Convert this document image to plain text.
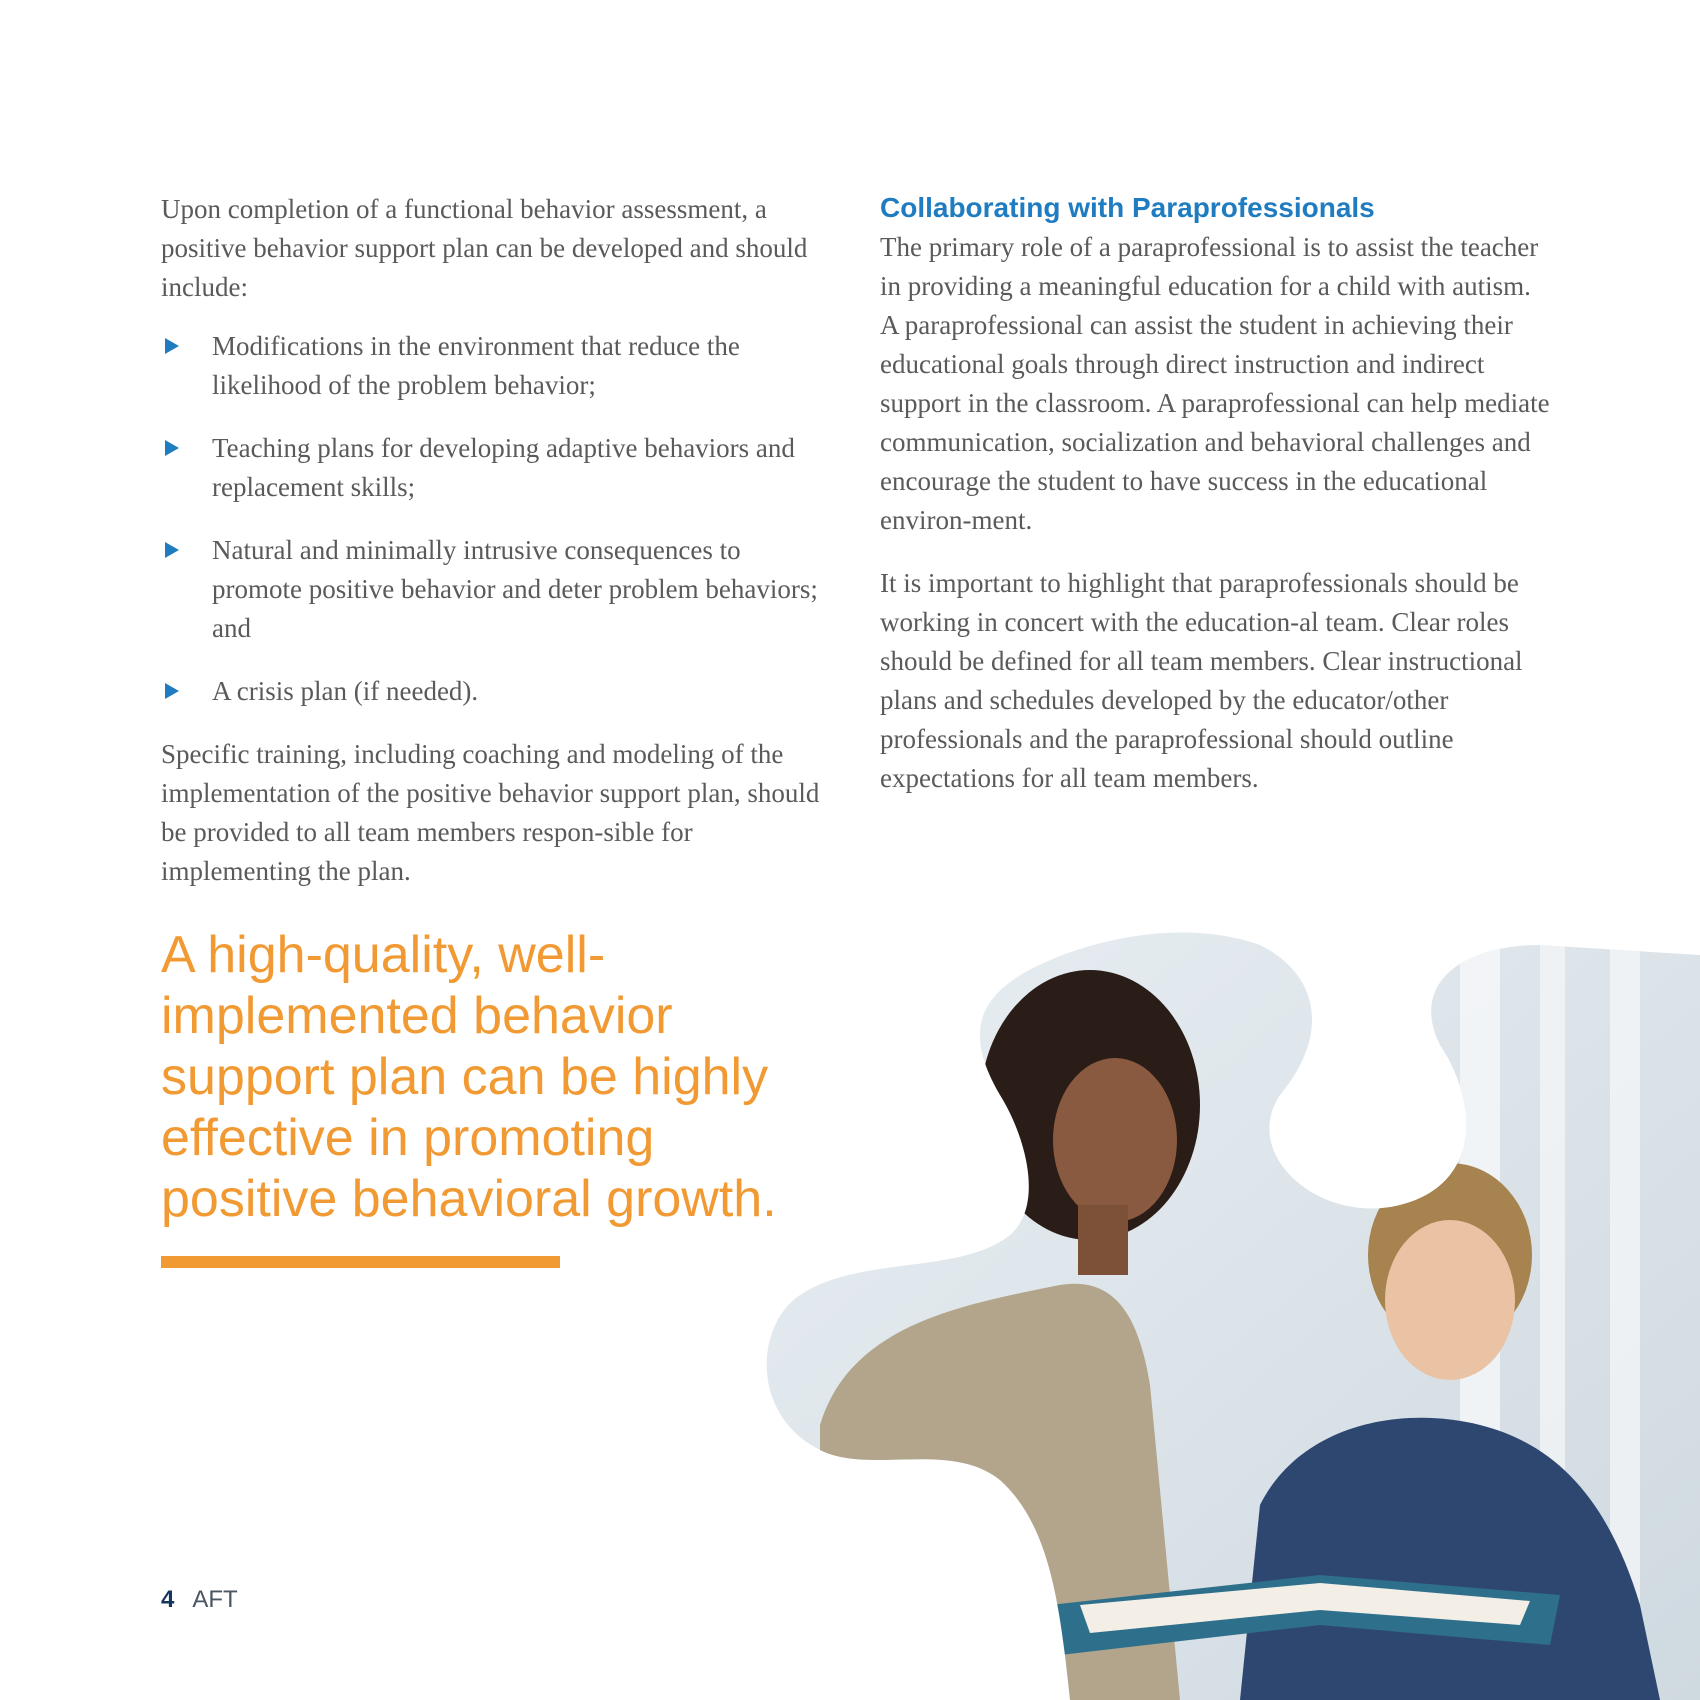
Upon completion of a functional behavior assessment, a positive behavior support plan can be developed and should include:

Modifications in the environment that reduce the likelihood of the problem behavior;
Teaching plans for developing adaptive behaviors and replacement skills;
Natural and minimally intrusive consequences to promote positive behavior and deter problem behaviors; and
A crisis plan (if needed).

Specific training, including coaching and modeling of the implementation of the positive behavior support plan, should be provided to all team members respon-sible for implementing the plan.

A high-quality, well-implemented behavior support plan can be highly effective in promoting positive behavioral growth.

Collaborating with Paraprofessionals

The primary role of a paraprofessional is to assist the teacher in providing a meaningful education for a child with autism. A paraprofessional can assist the student in achieving their educational goals through direct instruction and indirect support in the classroom. A paraprofessional can help mediate communication, socialization and behavioral challenges and encourage the student to have success in the educational environ-ment.

It is important to highlight that paraprofessionals should be working in concert with the education-al team. Clear roles should be defined for all team members. Clear instructional plans and schedules developed by the educator/other professionals and the paraprofessional should outline expectations for all team members.

4 AFT
